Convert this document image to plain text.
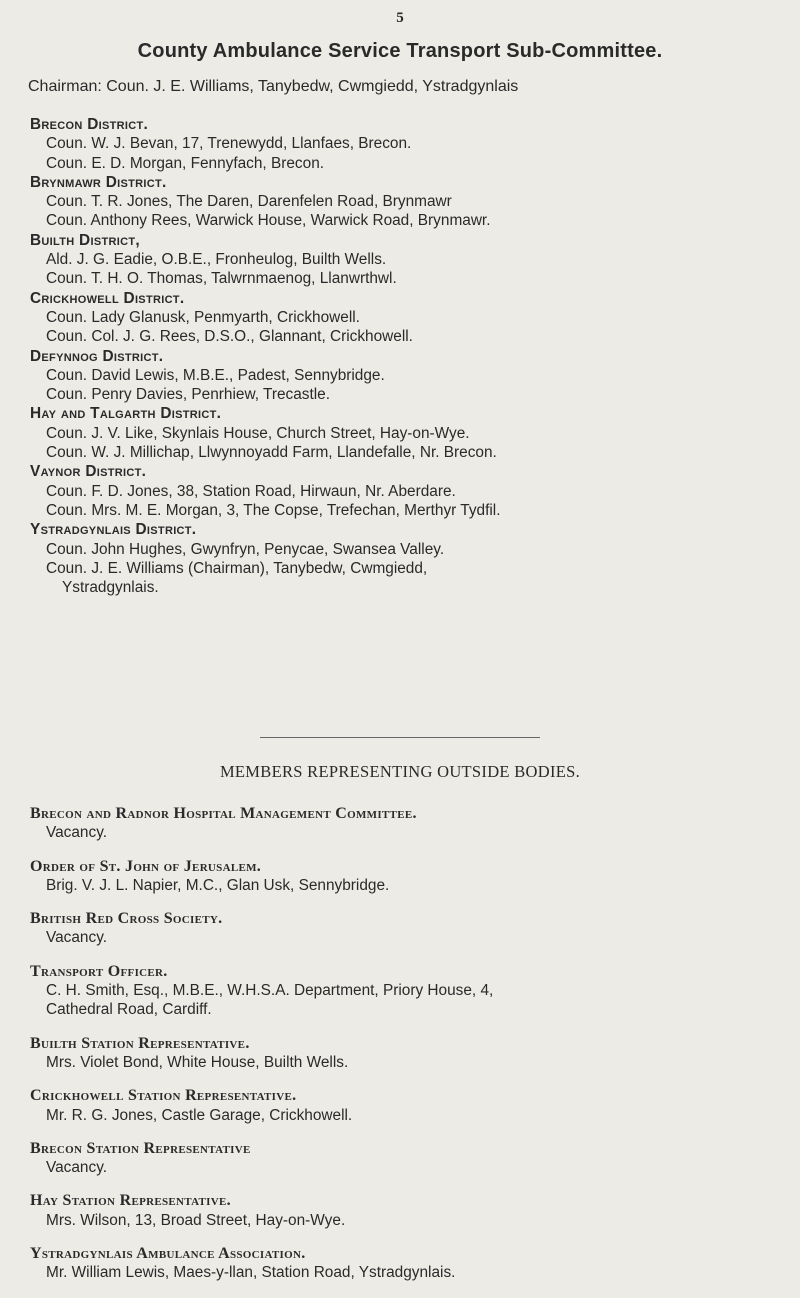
5
County Ambulance Service Transport Sub-Committee.
Chairman: Coun. J. E. Williams, Tanybedw, Cwmgiedd, Ystradgynlais
Brecon District.
Coun. W. J. Bevan, 17, Trenewydd, Llanfaes, Brecon.
Coun. E. D. Morgan, Fennyfach, Brecon.
Brynmawr District.
Coun. T. R. Jones, The Daren, Darenfelen Road, Brynmawr
Coun. Anthony Rees, Warwick House, Warwick Road, Brynmawr.
Builth District,
Ald. J. G. Eadie, O.B.E., Fronheulog, Builth Wells.
Coun. T. H. O. Thomas, Talwrnmaenog, Llanwrthwl.
Crickhowell District.
Coun. Lady Glanusk, Penmyarth, Crickhowell.
Coun. Col. J. G. Rees, D.S.O., Glannant, Crickhowell.
Defynnog District.
Coun. David Lewis, M.B.E., Padest, Sennybridge.
Coun. Penry Davies, Penrhiew, Trecastle.
Hay and Talgarth District.
Coun. J. V. Like, Skynlais House, Church Street, Hay-on-Wye.
Coun. W. J. Millichap, Llwynnoyadd Farm, Llandefalle, Nr. Brecon.
Vaynor District.
Coun. F. D. Jones, 38, Station Road, Hirwaun, Nr. Aberdare.
Coun. Mrs. M. E. Morgan, 3, The Copse, Trefechan, Merthyr Tydfil.
Ystradgynlais District.
Coun. John Hughes, Gwynfryn, Penycae, Swansea Valley.
Coun. J. E. Williams (Chairman), Tanybedw, Cwmgiedd,
Ystradgynlais.
MEMBERS REPRESENTING OUTSIDE BODIES.
Brecon and Radnor Hospital Management Committee.
Vacancy.
Order of St. John of Jerusalem.
Brig. V. J. L. Napier, M.C., Glan Usk, Sennybridge.
British Red Cross Society.
Vacancy.
Transport Officer.
C. H. Smith, Esq., M.B.E., W.H.S.A. Department, Priory House, 4,
Cathedral Road, Cardiff.
Builth Station Representative.
Mrs. Violet Bond, White House, Builth Wells.
Crickhowell Station Representative.
Mr. R. G. Jones, Castle Garage, Crickhowell.
Brecon Station Representative
Vacancy.
Hay Station Representative.
Mrs. Wilson, 13, Broad Street, Hay-on-Wye.
Ystradgynlais Ambulance Association.
Mr. William Lewis, Maes-y-llan, Station Road, Ystradgynlais.
